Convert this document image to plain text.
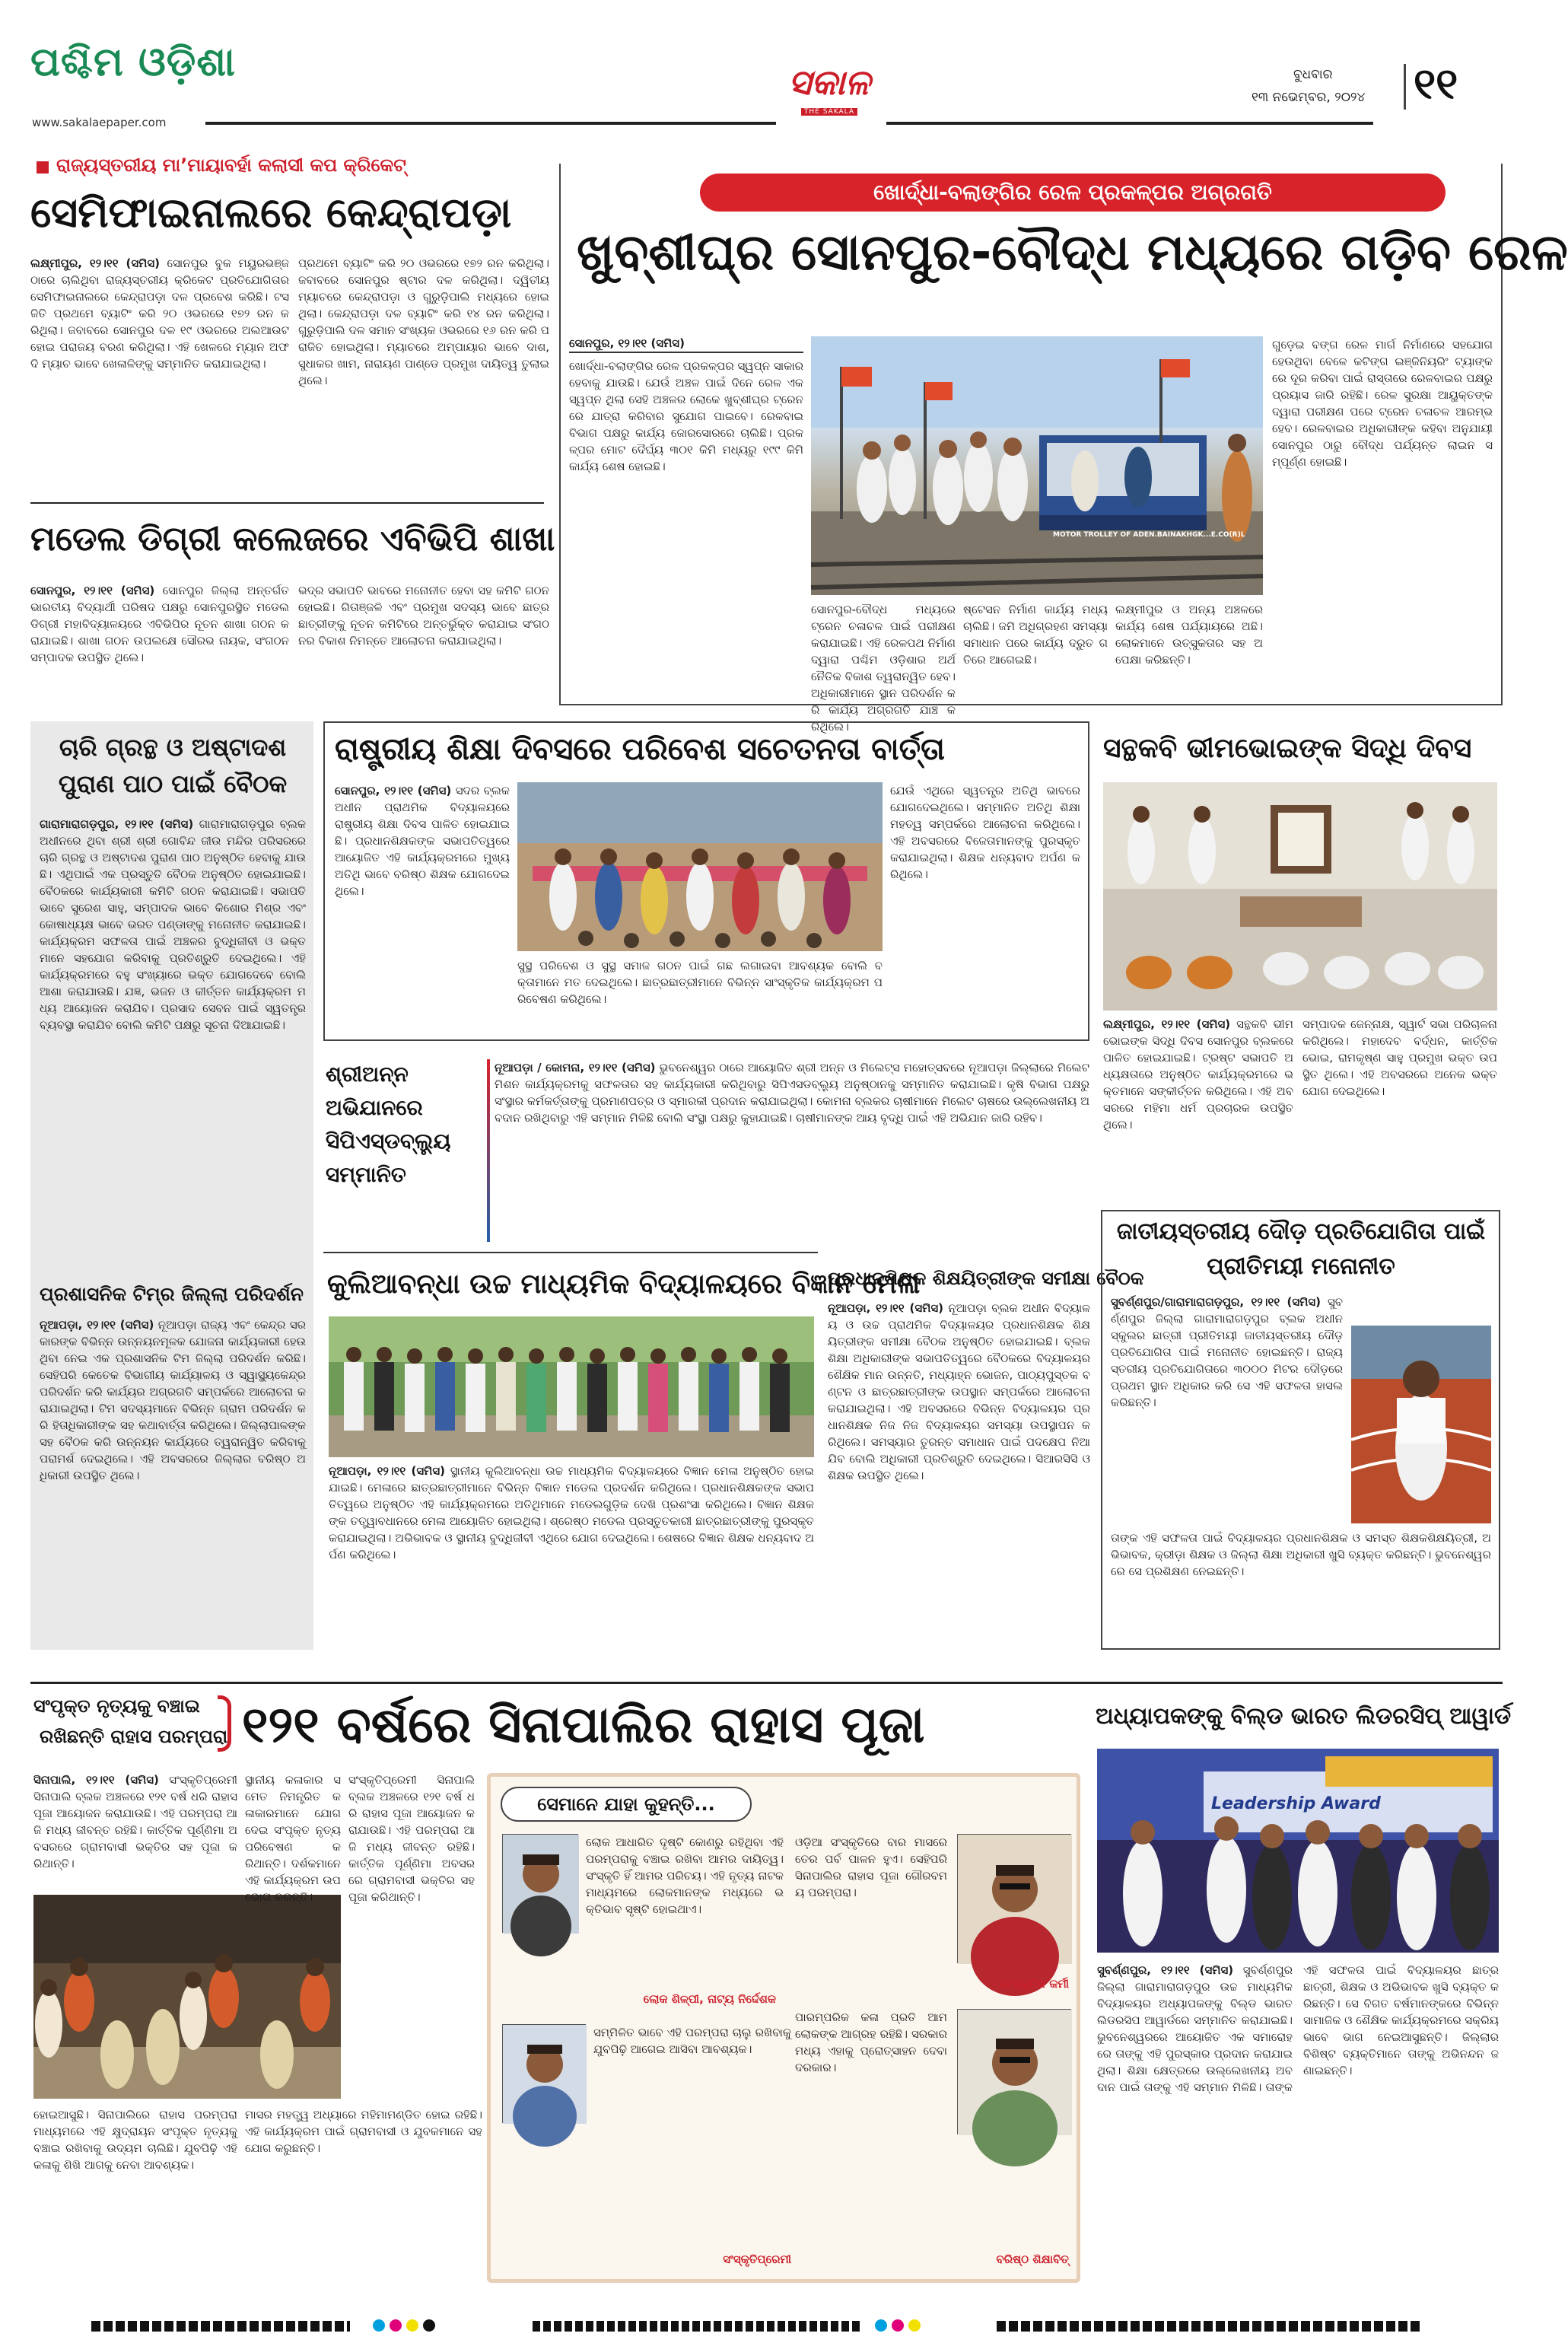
ପଶ୍ଚିମ ଓଡ଼ିଶା
www.sakalaepaper.com
ସକାଳ
THE SAKALA
ବୁଧବାର
୧୩ ନଭେମ୍ବର, ୨୦୨୪ ୧୧
ରାଜ୍ୟସ୍ତରୀୟ ମା’ମାୟାବର୍ହା କଲାସୀ କପ କ୍ରିକେଟ୍
ସେମିଫାଇନାଲରେ କେନ୍ଦ୍ରାପଡ଼ା
ଲକ୍ଷ୍ମୀପୁର, ୧୨।୧୧ (ସମିସ) ସୋନପୁର ବୁକ ମୟୁରଭଞ୍ଜ ଠାରେ ଚାଲିଥିବା ରାଜ୍ୟସ୍ତରୀୟ କ୍ରିକେଟ ପ୍ରତିଯୋଗିତାର ସେମିଫାଇନାଲରେ କେନ୍ଦ୍ରାପଡ଼ା ଦଳ ପ୍ରବେଶ କରିଛି। ଟସ ଜିତି ପ୍ରଥମେ ବ୍ୟାଟିଂ କରି ୨୦ ଓଭରରେ ୧୭୨ ରନ କରିଥିଲା। ଜବାବରେ ସୋନପୁର ଦଳ ୧୯ ଓଭରରେ ଅଲଆଉଟ ହୋଇ ପରାଜୟ ବରଣ କରିଥିଲା। ଏହି ଖେଳରେ ମ୍ୟାନ ଅଫ ଦି ମ୍ୟାଚ ଭାବେ ଖେଳାଳିଙ୍କୁ ସମ୍ମାନିତ କରାଯାଇଥିଲା।
ପ୍ରଥମେ ବ୍ୟାଟିଂ କରି ୨୦ ଓଭରରେ ୧୭୨ ରନ କରିଥିଲା। ଜବାବରେ ସୋନପୁର ଷ୍ଟାର ଦଳ କରିଥିଲା। ଦ୍ୱିତୀୟ ମ୍ୟାଚରେ କେନ୍ଦ୍ରାପଡ଼ା ଓ ଗୁରୁଡ଼ିପାଲି ମଧ୍ୟରେ ହୋଇଥିଲା। କେନ୍ଦ୍ରାପଡ଼ା ଦଳ ବ୍ୟାଟିଂ କରି ୧୪ ରନ କରିଥିଲା। ଗୁରୁଡ଼ିପାଲି ଦଳ ସମାନ ସଂଖ୍ୟକ ଓଭରରେ ୧୬ ରନ କରି ପରାଜିତ ହୋଇଥିଲା। ମ୍ୟାଚରେ ଅମ୍ପାୟାର ଭାବେ ଦାଶ, ସୁଧାକର ଖାମ, ନାରାୟଣ ପାଣ୍ଡେ ପ୍ରମୁଖ ଦାୟିତ୍ୱ ତୁଲାଇଥିଲେ।
ମଡେଲ ଡିଗ୍ରୀ କଲେଜରେ ଏବିଭିପି ଶାଖା
ସୋନପୁର, ୧୨।୧୧ (ସମିସ) ସୋନପୁର ଜିଲ୍ଲା ଅନ୍ତର୍ଗତ ଭାରତୀୟ ବିଦ୍ୟାର୍ଥୀ ପରିଷଦ ପକ୍ଷରୁ ସୋନପୁରସ୍ଥିତ ମଡେଲ ଡିଗ୍ରୀ ମହାବିଦ୍ୟାଳୟରେ ଏବିଭିପିର ନୂତନ ଶାଖା ଗଠନ କରାଯାଇଛି। ଶାଖା ଗଠନ ଉପଲକ୍ଷେ ସୌରଭ ନାୟକ, ସଂଗଠନ ସମ୍ପାଦକ ଉପସ୍ଥିତ ଥିଲେ।
ଭଦ୍ର ସଭାପତି ଭାବରେ ମନୋନୀତ ହେବା ସହ କମିଟି ଗଠନ ହୋଇଛି। ଗିତାଞ୍ଜଳି ଏବଂ ପ୍ରମୁଖ ସଦସ୍ୟ ଭାବେ ଛାତ୍ରଛାତ୍ରୀଙ୍କୁ ନୂତନ କମିଟିରେ ଅନ୍ତର୍ଭୁକ୍ତ କରାଯାଇ ସଂଗଠନର ବିକାଶ ନିମନ୍ତେ ଆଲୋଚନା କରାଯାଇଥିଲା।
ଖୋର୍ଦ୍ଧା-ବଲାଙ୍ଗିର ରେଳ ପ୍ରକଳ୍ପର ଅଗ୍ରଗତି
ଖୁବ୍‌ଶୀଘ୍ର ସୋନପୁର-ବୌଦ୍ଧ ମଧ୍ୟରେ ଗଡ଼ିବ ରେଳ
ସୋନପୁର, ୧୨।୧୧ (ସମିସ)
ଖୋର୍ଦ୍ଧା-ବଲାଙ୍ଗିର ରେଳ ପ୍ରକଳ୍ପର ସ୍ୱପ୍ନ ସାକାର ହେବାକୁ ଯାଉଛି। ଯେଉଁ ଅଞ୍ଚଳ ପାଇଁ ଦିନେ ରେଳ ଏକ ସ୍ୱପ୍ନ ଥିଲା ସେହି ଅଞ୍ଚଳର ଲୋକେ ଖୁବ୍‌ଶୀଘ୍ର ଟ୍ରେନରେ ଯାତ୍ରା କରିବାର ସୁଯୋଗ ପାଇବେ। ରେଳବାଇ ବିଭାଗ ପକ୍ଷରୁ କାର୍ଯ୍ୟ ଜୋରସୋରରେ ଚାଲିଛି। ପ୍ରକଳ୍ପର ମୋଟ ଦୈର୍ଘ୍ୟ ୩୦୧ କିମି ମଧ୍ୟରୁ ୧୯୯ କିମି କାର୍ଯ୍ୟ ଶେଷ ହୋଇଛି।
MOTOR TROLLEY OF ADEN.BAINAKHGK...E.CO(R)L
ସୋନପୁର-ବୌଦ୍ଧ ମଧ୍ୟରେ ଟ୍ରେନ ଚଳାଚଳ ପାଇଁ ପରୀକ୍ଷଣ କରାଯାଇଛି। ଏହି ରେଳପଥ ନିର୍ମାଣ ଦ୍ୱାରା ପଶ୍ଚିମ ଓଡ଼ିଶାର ଅର୍ଥନୈତିକ ବିକାଶ ତ୍ୱରାନ୍ୱିତ ହେବ। ଅଧିକାରୀମାନେ ସ୍ଥାନ ପରିଦର୍ଶନ କରି କାର୍ଯ୍ୟ ଅଗ୍ରଗତି ଯାଞ୍ଚ କରିଥିଲେ।
ଷ୍ଟେସନ ନିର୍ମାଣ କାର୍ଯ୍ୟ ମଧ୍ୟ ଚାଲିଛି। ଜମି ଅଧିଗ୍ରହଣ ସମସ୍ୟା ସମାଧାନ ପରେ କାର୍ଯ୍ୟ ଦ୍ରୁତ ଗତିରେ ଆଗେଇଛି।
ଲକ୍ଷ୍ମୀପୁର ଓ ଅନ୍ୟ ଅଞ୍ଚଳରେ କାର୍ଯ୍ୟ ଶେଷ ପର୍ଯ୍ୟାୟରେ ଅଛି। ଲୋକମାନେ ଉତ୍ସୁକତାର ସହ ଅପେକ୍ଷା କରିଛନ୍ତି।
ଗୁଡ଼େଇ ବଙ୍ଗ ରେଳ ମାର୍ଗ ନିର୍ମାଣରେ ସହଯୋଗ ହେଉଥିବା ବେଳେ କଟିଙ୍ଗ ଇଞ୍ଜିନିୟରିଂ ଟ୍ୟାଙ୍କରେ ଦୂର କରିବା ପାଇଁ ରାସ୍ତାରେ ରେଳବାଇର ପକ୍ଷରୁ ପ୍ରୟାସ ଜାରି ରହିଛି। ରେଳ ସୁରକ୍ଷା ଆୟୁକ୍ତଙ୍କ ଦ୍ୱାରା ପରୀକ୍ଷଣ ପରେ ଟ୍ରେନ ଚଳାଚଳ ଆରମ୍ଭ ହେବ। ରେଳବାଇର ଅଧିକାରୀଙ୍କ କହିବା ଅନୁଯାୟୀ ସୋନପୁର ଠାରୁ ବୌଦ୍ଧ ପର୍ଯ୍ୟନ୍ତ ଲାଇନ ସମ୍ପୂର୍ଣ୍ଣ ହୋଇଛି।
ଚାରି ଗ୍ରନ୍ଥ ଓ ଅଷ୍ଟାଦଶ ପୁରାଣ ପାଠ ପାଇଁ ବୈଠକ
ଗାରାମାରାଗଡ଼ପୁର, ୧୨।୧୧ (ସମିସ) ଗାରାମାରାଗଡ଼ପୁର ବ୍ଲକ ଅଧୀନରେ ଥିବା ଶ୍ରୀ ଶ୍ରୀ ଗୋବିନ୍ଦ ଜୀଉ ମନ୍ଦିର ପରିସରରେ ଚାରି ଗ୍ରନ୍ଥ ଓ ଅଷ୍ଟାଦଶ ପୁରାଣ ପାଠ ଅନୁଷ୍ଠିତ ହେବାକୁ ଯାଉଛି। ଏଥିପାଇଁ ଏକ ପ୍ରସ୍ତୁତି ବୈଠକ ଅନୁଷ୍ଠିତ ହୋଇଯାଇଛି। ବୈଠକରେ କାର୍ଯ୍ୟକାରୀ କମିଟି ଗଠନ କରାଯାଇଛି। ସଭାପତି ଭାବେ ସୁରେଶ ସାହୁ, ସମ୍ପାଦକ ଭାବେ କିଶୋର ମିଶ୍ର ଏବଂ କୋଷାଧ୍ୟକ୍ଷ ଭାବେ ଭରତ ପଣ୍ଡାଙ୍କୁ ମନୋନୀତ କରାଯାଇଛି। କାର୍ଯ୍ୟକ୍ରମ ସଫଳତା ପାଇଁ ଅଞ୍ଚଳର ବୁଦ୍ଧିଜୀବୀ ଓ ଭକ୍ତମାନେ ସହଯୋଗ କରିବାକୁ ପ୍ରତିଶ୍ରୁତି ଦେଇଥିଲେ। ଏହି କାର୍ଯ୍ୟକ୍ରମରେ ବହୁ ସଂଖ୍ୟାରେ ଭକ୍ତ ଯୋଗଦେବେ ବୋଲି ଆଶା କରାଯାଉଛି। ଯଜ୍ଞ, ଭଜନ ଓ କୀର୍ତ୍ତନ କାର୍ଯ୍ୟକ୍ରମ ମଧ୍ୟ ଆୟୋଜନ କରାଯିବ। ପ୍ରସାଦ ସେବନ ପାଇଁ ସ୍ୱତନ୍ତ୍ର ବ୍ୟବସ୍ଥା କରାଯିବ ବୋଲି କମିଟି ପକ୍ଷରୁ ସୂଚନା ଦିଆଯାଇଛି।
ପ୍ରଶାସନିକ ଟିମ୍‌ର ଜିଲ୍ଲା ପରିଦର୍ଶନ
ନୂଆପଡ଼ା, ୧୨।୧୧ (ସମିସ) ନୂଆପଡ଼ା ରାଜ୍ୟ ଏବଂ କେନ୍ଦ୍ର ସରକାରଙ୍କ ବିଭିନ୍ନ ଉନ୍ନୟନମୂଳକ ଯୋଜନା କାର୍ଯ୍ୟକାରୀ ହେଉଥିବା ନେଇ ଏକ ପ୍ରଶାସନିକ ଟିମ ଜିଲ୍ଲା ପରିଦର୍ଶନ କରିଛି। ସେହିପରି କେତେକ ବିଭାଗୀୟ କାର୍ଯ୍ୟାଳୟ ଓ ସ୍ୱାସ୍ଥ୍ୟକେନ୍ଦ୍ର ପରିଦର୍ଶନ କରି କାର୍ଯ୍ୟର ଅଗ୍ରଗତି ସମ୍ପର୍କରେ ଆଲୋଚନା କରାଯାଇଥିଲା। ଟିମ ସଦସ୍ୟମାନେ ବିଭିନ୍ନ ଗ୍ରାମ ପରିଦର୍ଶନ କରି ହିତାଧିକାରୀଙ୍କ ସହ କଥାବାର୍ତ୍ତା କରିଥିଲେ। ଜିଲ୍ଲାପାଳଙ୍କ ସହ ବୈଠକ କରି ଉନ୍ନୟନ କାର୍ଯ୍ୟରେ ତ୍ୱରାନ୍ୱିତ କରିବାକୁ ପରାମର୍ଶ ଦେଇଥିଲେ। ଏହି ଅବସରରେ ଜିଲ୍ଲାର ବରିଷ୍ଠ ଅଧିକାରୀ ଉପସ୍ଥିତ ଥିଲେ।
ରାଷ୍ଟ୍ରୀୟ ଶିକ୍ଷା ଦିବସରେ ପରିବେଶ ସଚେତନତା ବାର୍ତ୍ତା
ସୋନପୁର, ୧୨।୧୧ (ସମିସ) ସଦର ବ୍ଲକ ଅଧୀନ ପ୍ରାଥମିକ ବିଦ୍ୟାଳୟରେ ରାଷ୍ଟ୍ରୀୟ ଶିକ୍ଷା ଦିବସ ପାଳିତ ହୋଇଯାଇଛି। ପ୍ରଧାନଶିକ୍ଷକଙ୍କ ସଭାପତିତ୍ୱରେ ଆୟୋଜିତ ଏହି କାର୍ଯ୍ୟକ୍ରମରେ ମୁଖ୍ୟଅତିଥି ଭାବେ ବରିଷ୍ଠ ଶିକ୍ଷକ ଯୋଗଦେଇଥିଲେ।
ସୁସ୍ଥ ପରିବେଶ ଓ ସୁସ୍ଥ ସମାଜ ଗଠନ ପାଇଁ ଗଛ ଲଗାଇବା ଆବଶ୍ୟକ ବୋଲି ବକ୍ତାମାନେ ମତ ଦେଇଥିଲେ। ଛାତ୍ରଛାତ୍ରୀମାନେ ବିଭିନ୍ନ ସାଂସ୍କୃତିକ କାର୍ଯ୍ୟକ୍ରମ ପରିବେଷଣ କରିଥିଲେ।
ଯେଉଁ ଏଥିରେ ସ୍ୱତନ୍ତ୍ର ଅତିଥି ଭାବରେ ଯୋଗଦେଇଥିଲେ। ସମ୍ମାନିତ ଅତିଥି ଶିକ୍ଷା ମହତ୍ୱ ସମ୍ପର୍କରେ ଆଲୋଚନା କରିଥିଲେ। ଏହି ଅବସରରେ ବିଜେତାମାନଙ୍କୁ ପୁରସ୍କୃତ କରାଯାଇଥିଲା। ଶିକ୍ଷକ ଧନ୍ୟବାଦ ଅର୍ପଣ କରିଥିଲେ।
ସନ୍ଥକବି ଭୀମଭୋଇଙ୍କ ସିଦ୍ଧି ଦିବସ
ଲକ୍ଷ୍ମୀପୁର, ୧୨।୧୧ (ସମିସ) ସନ୍ଥକବି ଭୀମଭୋଇଙ୍କ ସିଦ୍ଧି ଦିବସ ସୋନପୁର ବ୍ଲକରେ ପାଳିତ ହୋଇଯାଇଛି। ଟ୍ରଷ୍ଟ ସଭାପତି ଅଧ୍ୟକ୍ଷତାରେ ଅନୁଷ୍ଠିତ କାର୍ଯ୍ୟକ୍ରମରେ ଭକ୍ତମାନେ ସଙ୍କୀର୍ତ୍ତନ କରିଥିଲେ। ଏହି ଅବସରରେ ମହିମା ଧର୍ମ ପ୍ରଚାରକ ଉପସ୍ଥିତ ଥିଲେ।
ସମ୍ପାଦକ ଜେନ୍ନାକ୍ଷ, ସ୍ୱାର୍ଟ ସଭା ପରିଚାଳନା କରିଥିଲେ। ମହାଦେବ ବର୍ଦ୍ଧନ, କାର୍ତ୍ତିକ ଭୋଇ, ରାମକୃଷ୍ଣ ସାହୁ ପ୍ରମୁଖ ଭକ୍ତ ଉପସ୍ଥିତ ଥିଲେ। ଏହି ଅବସରରେ ଅନେକ ଭକ୍ତ ଯୋଗ ଦେଇଥିଲେ।
ଶ୍ରୀଅନ୍ନ ଅଭିଯାନରେ ସିପିଏସ୍‌ଡବ୍ଲ୍ୟୁ ସମ୍ମାନିତ
ନୂଆପଡ଼ା / କୋମନା, ୧୨।୧୧ (ସମିସ) ଭୁବନେଶ୍ୱର ଠାରେ ଆୟୋଜିତ ଶ୍ରୀ ଅନ୍ନ ଓ ମିଲେଟ୍ସ ମହୋତ୍ସବରେ ନୂଆପଡ଼ା ଜିଲ୍ଲାରେ ମିଲେଟ ମିଶନ କାର୍ଯ୍ୟକ୍ରମକୁ ସଫଳତାର ସହ କାର୍ଯ୍ୟକାରୀ କରିଥିବାରୁ ସିପିଏସଡବ୍ଲ୍ୟୁ ଅନୁଷ୍ଠାନକୁ ସମ୍ମାନିତ କରାଯାଇଛି। କୃଷି ବିଭାଗ ପକ୍ଷରୁ ସଂସ୍ଥାର କର୍ମକର୍ତ୍ତାଙ୍କୁ ପ୍ରମାଣପତ୍ର ଓ ସ୍ମାରକୀ ପ୍ରଦାନ କରାଯାଇଥିଲା। କୋମନା ବ୍ଲକର ଚାଷୀମାନେ ମିଲେଟ ଚାଷରେ ଉଲ୍ଲେଖନୀୟ ଅବଦାନ ରଖିଥିବାରୁ ଏହି ସମ୍ମାନ ମିଳିଛି ବୋଲି ସଂସ୍ଥା ପକ୍ଷରୁ କୁହାଯାଇଛି। ଚାଷୀମାନଙ୍କ ଆୟ ବୃଦ୍ଧି ପାଇଁ ଏହି ଅଭିଯାନ ଜାରି ରହିବ।
କୁଲିଆବନ୍ଧା ଉଚ୍ଚ ମାଧ୍ୟମିକ ବିଦ୍ୟାଳୟରେ ବିଜ୍ଞାନ ମେଳା
ନୂଆପଡ଼ା, ୧୨।୧୧ (ସମିସ) ସ୍ଥାନୀୟ କୁଲିଆବନ୍ଧା ଉଚ୍ଚ ମାଧ୍ୟମିକ ବିଦ୍ୟାଳୟରେ ବିଜ୍ଞାନ ମେଳା ଅନୁଷ୍ଠିତ ହୋଇଯାଇଛି। ମେଳାରେ ଛାତ୍ରଛାତ୍ରୀମାନେ ବିଭିନ୍ନ ବିଜ୍ଞାନ ମଡେଲ ପ୍ରଦର୍ଶନ କରିଥିଲେ। ପ୍ରଧାନଶିକ୍ଷକଙ୍କ ସଭାପତିତ୍ୱରେ ଅନୁଷ୍ଠିତ ଏହି କାର୍ଯ୍ୟକ୍ରମରେ ଅତିଥିମାନେ ମଡେଲଗୁଡ଼ିକ ଦେଖି ପ୍ରଶଂସା କରିଥିଲେ। ବିଜ୍ଞାନ ଶିକ୍ଷକଙ୍କ ତତ୍ତ୍ୱାବଧାନରେ ମେଳା ଆୟୋଜିତ ହୋଇଥିଲା। ଶ୍ରେଷ୍ଠ ମଡେଲ ପ୍ରସ୍ତୁତକାରୀ ଛାତ୍ରଛାତ୍ରୀଙ୍କୁ ପୁରସ୍କୃତ କରାଯାଇଥିଲା। ଅଭିଭାବକ ଓ ସ୍ଥାନୀୟ ବୁଦ୍ଧିଜୀବୀ ଏଥିରେ ଯୋଗ ଦେଇଥିଲେ। ଶେଷରେ ବିଜ୍ଞାନ ଶିକ୍ଷକ ଧନ୍ୟବାଦ ଅର୍ପଣ କରିଥିଲେ।
ପ୍ରଧାନଶିକ୍ଷକ ଶିକ୍ଷୟିତ୍ରୀଙ୍କ ସମୀକ୍ଷା ବୈଠକ
ନୂଆପଡ଼ା, ୧୨।୧୧ (ସମିସ) ନୂଆପଡ଼ା ବ୍ଲକ ଅଧୀନ ବିଦ୍ୟାଳୟ ଓ ଉଚ୍ଚ ପ୍ରାଥମିକ ବିଦ୍ୟାଳୟର ପ୍ରଧାନଶିକ୍ଷକ ଶିକ୍ଷୟିତ୍ରୀଙ୍କ ସମୀକ୍ଷା ବୈଠକ ଅନୁଷ୍ଠିତ ହୋଇଯାଇଛି। ବ୍ଲକ ଶିକ୍ଷା ଅଧିକାରୀଙ୍କ ସଭାପତିତ୍ୱରେ ବୈଠକରେ ବିଦ୍ୟାଳୟର ଶୈକ୍ଷିକ ମାନ ଉନ୍ନତି, ମଧ୍ୟାହ୍ନ ଭୋଜନ, ପାଠ୍ୟପୁସ୍ତକ ବଣ୍ଟନ ଓ ଛାତ୍ରଛାତ୍ରୀଙ୍କ ଉପସ୍ଥାନ ସମ୍ପର୍କରେ ଆଲୋଚନା କରାଯାଇଥିଲା। ଏହି ଅବସରରେ ବିଭିନ୍ନ ବିଦ୍ୟାଳୟର ପ୍ରଧାନଶିକ୍ଷକ ନିଜ ନିଜ ବିଦ୍ୟାଳୟର ସମସ୍ୟା ଉପସ୍ଥାପନ କରିଥିଲେ। ସମସ୍ୟାର ତୁରନ୍ତ ସମାଧାନ ପାଇଁ ପଦକ୍ଷେପ ନିଆଯିବ ବୋଲି ଅଧିକାରୀ ପ୍ରତିଶ୍ରୁତି ଦେଇଥିଲେ। ସିଆରସିସି ଓ ଶିକ୍ଷକ ଉପସ୍ଥିତ ଥିଲେ।
ଜାତୀୟସ୍ତରୀୟ ଦୌଡ଼ ପ୍ରତିଯୋଗିତା ପାଇଁ ପ୍ରୀତିମୟୀ ମନୋନୀତ
ସୁବର୍ଣ୍ଣପୁର/ଗାରାମାରାଗଡ଼ପୁର, ୧୨।୧୧ (ସମିସ) ସୁବର୍ଣ୍ଣପୁର ଜିଲ୍ଲା ଗାରାମାରାଗଡ଼ପୁର ବ୍ଲକ ଅଧୀନ ସ୍କୁଲର ଛାତ୍ରୀ ପ୍ରୀତିମୟୀ ଜାତୀୟସ୍ତରୀୟ ଦୌଡ଼ ପ୍ରତିଯୋଗିତା ପାଇଁ ମନୋନୀତ ହୋଇଛନ୍ତି। ରାଜ୍ୟସ୍ତରୀୟ ପ୍ରତିଯୋଗିତାରେ ୩୦୦୦ ମିଟର ଦୌଡ଼ରେ ପ୍ରଥମ ସ୍ଥାନ ଅଧିକାର କରି ସେ ଏହି ସଫଳତା ହାସଲ କରିଛନ୍ତି।
ତାଙ୍କ ଏହି ସଫଳତା ପାଇଁ ବିଦ୍ୟାଳୟର ପ୍ରଧାନଶିକ୍ଷକ ଓ ସମସ୍ତ ଶିକ୍ଷକଶିକ୍ଷୟିତ୍ରୀ, ଅଭିଭାବକ, କ୍ରୀଡ଼ା ଶିକ୍ଷକ ଓ ଜିଲ୍ଲା ଶିକ୍ଷା ଅଧିକାରୀ ଖୁସି ବ୍ୟକ୍ତ କରିଛନ୍ତି। ଭୁବନେଶ୍ୱରରେ ସେ ପ୍ରଶିକ୍ଷଣ ନେଇଛନ୍ତି।
ସଂପୃକ୍ତ ନୃତ୍ୟକୁ ବଞ୍ଚାଇ
ରଖିଛନ୍ତି ରାହାସ ପରମ୍ପରା ୧୨୧ ବର୍ଷରେ ସିନାପାଲିର ରାହାସ ପୂଜା
ସିନାପାଲି, ୧୨।୧୧ (ସମିସ) ସଂସ୍କୃତିପ୍ରେମୀ ସିନାପାଲି ବ୍ଲକ ଅଞ୍ଚଳରେ ୧୨୧ ବର୍ଷ ଧରି ରାହାସ ପୂଜା ଆୟୋଜନ କରାଯାଉଛି। ଏହି ପରମ୍ପରା ଆଜି ମଧ୍ୟ ଜୀବନ୍ତ ରହିଛି। କାର୍ତ୍ତିକ ପୂର୍ଣ୍ଣିମା ଅବସରରେ ଗ୍ରାମବାସୀ ଭକ୍ତିର ସହ ପୂଜା କରିଥାନ୍ତି।
ସ୍ଥାନୀୟ କଳାକାର ସମେତ ନିମନ୍ତ୍ରିତ କଳାକାରମାନେ ଯୋଗ ଦେଇ ସଂପୃକ୍ତ ନୃତ୍ୟ ପରିବେଷଣ କରିଥାନ୍ତି। ଦର୍ଶକମାନେ ଏହି କାର୍ଯ୍ୟକ୍ରମ ଉପଭୋଗ କରନ୍ତି।
ହୋଇଆସୁଛି। ସିନାପାଲିରେ ରାହାସ ପରମ୍ପରା ମାଧ୍ୟମରେ ଏହି କ୍ଷୁଦ୍ରାୟନ ସଂପୃକ୍ତ ନୃତ୍ୟକୁ ବଞ୍ଚାଇ ରଖିବାକୁ ଉଦ୍ୟମ ଚାଲିଛି। ଯୁବପିଢ଼ି ଏହି କଳାକୁ ଶିଖି ଆଗକୁ ନେବା ଆବଶ୍ୟକ।
ମାସର ମହତ୍ତ୍ୱ ଅଧ୍ୟାରେ ମହିମାମଣ୍ଡିତ ହୋଇ ରହିଛି। ଏହି କାର୍ଯ୍ୟକ୍ରମ ପାଇଁ ଗ୍ରାମବାସୀ ଓ ଯୁବକମାନେ ସହଯୋଗ କରୁଛନ୍ତି।
ସଂସ୍କୃତିପ୍ରେମୀ ସିନାପାଲି ବ୍ଲକ ଅଞ୍ଚଳରେ ୧୨୧ ବର୍ଷ ଧରି ରାହାସ ପୂଜା ଆୟୋଜନ କରାଯାଉଛି। ଏହି ପରମ୍ପରା ଆଜି ମଧ୍ୟ ଜୀବନ୍ତ ରହିଛି। କାର୍ତ୍ତିକ ପୂର୍ଣ୍ଣିମା ଅବସରରେ ଗ୍ରାମବାସୀ ଭକ୍ତିର ସହ ପୂଜା କରିଥାନ୍ତି।
ସେମାନେ ଯାହା କୁହନ୍ତି...
ଲୋକ ଆଧାରିତ ଦୃଷ୍ଟି କୋଣରୁ ରହିଥିବା ଏହି ପରମ୍ପରାକୁ ବଞ୍ଚାଇ ରଖିବା ଆମର ଦାୟିତ୍ୱ। ସଂସ୍କୃତି ହିଁ ଆମର ପରିଚୟ। ଏହି ନୃତ୍ୟ ନାଟକ ମାଧ୍ୟମରେ ଲୋକମାନଙ୍କ ମଧ୍ୟରେ ଭକ୍ତିଭାବ ସୃଷ୍ଟି ହୋଇଥାଏ।
ଲୋକ ଶିଳ୍ପୀ, ନାଟ୍ୟ ନିର୍ଦ୍ଦେଶକ
ଓଡ଼ିଆ ସଂସ୍କୃତିରେ ବାର ମାସରେ ତେର ପର୍ବ ପାଳନ ହୁଏ। ସେହିପରି ସିନାପାଲିର ରାହାସ ପୂଜା ଗୌରବମୟ ପରମ୍ପରା।
ସାଂସ୍କୃତିକ କର୍ମୀ
ସମ୍ମିଳିତ ଭାବେ ଏହି ପରମ୍ପରା ଚାଲୁ ରଖିବାକୁ ଯୁବପିଢ଼ି ଆଗେଇ ଆସିବା ଆବଶ୍ୟକ।
ସଂସ୍କୃତିପ୍ରେମୀ
ପାରମ୍ପରିକ କଳା ପ୍ରତି ଆମ ଲୋକଙ୍କ ଆଗ୍ରହ ରହିଛି। ସରକାର ମଧ୍ୟ ଏହାକୁ ପ୍ରୋତ୍ସାହନ ଦେବା ଦରକାର।
ବରିଷ୍ଠ ଶିକ୍ଷାବିତ୍
ଅଧ୍ୟାପକଙ୍କୁ ବିଲ୍ଡ ଭାରତ ଲିଡରସିପ୍ ଆୱାର୍ଡ
Leadership Award
ସୁବର୍ଣ୍ଣପୁର, ୧୨।୧୧ (ସମିସ) ସୁବର୍ଣ୍ଣପୁର ଜିଲ୍ଲା ଗାରାମାରାଗଡ଼ପୁର ଉଚ୍ଚ ମାଧ୍ୟମିକ ବିଦ୍ୟାଳୟର ଅଧ୍ୟାପକଙ୍କୁ ବିଲ୍ଡ ଭାରତ ଲିଡରସିପ ଆୱାର୍ଡରେ ସମ୍ମାନିତ କରାଯାଇଛି। ଭୁବନେଶ୍ୱରରେ ଆୟୋଜିତ ଏକ ସମାରୋହରେ ତାଙ୍କୁ ଏହି ପୁରସ୍କାର ପ୍ରଦାନ କରାଯାଇଥିଲା। ଶିକ୍ଷା କ୍ଷେତ୍ରରେ ଉଲ୍ଲେଖନୀୟ ଅବଦାନ ପାଇଁ ତାଙ୍କୁ ଏହି ସମ୍ମାନ ମିଳିଛି। ତାଙ୍କ ଏହି ସଫଳତା ପାଇଁ ବିଦ୍ୟାଳୟର ଛାତ୍ରଛାତ୍ରୀ, ଶିକ୍ଷକ ଓ ଅଭିଭାବକ ଖୁସି ବ୍ୟକ୍ତ କରିଛନ୍ତି। ସେ ବିଗତ ବର୍ଷମାନଙ୍କରେ ବିଭିନ୍ନ ସାମାଜିକ ଓ ଶୈକ୍ଷିକ କାର୍ଯ୍ୟକ୍ରମରେ ସକ୍ରିୟ ଭାବେ ଭାଗ ନେଇଆସୁଛନ୍ତି। ଜିଲ୍ଲାର ବିଶିଷ୍ଟ ବ୍ୟକ୍ତିମାନେ ତାଙ୍କୁ ଅଭିନନ୍ଦନ ଜଣାଇଛନ୍ତି।
